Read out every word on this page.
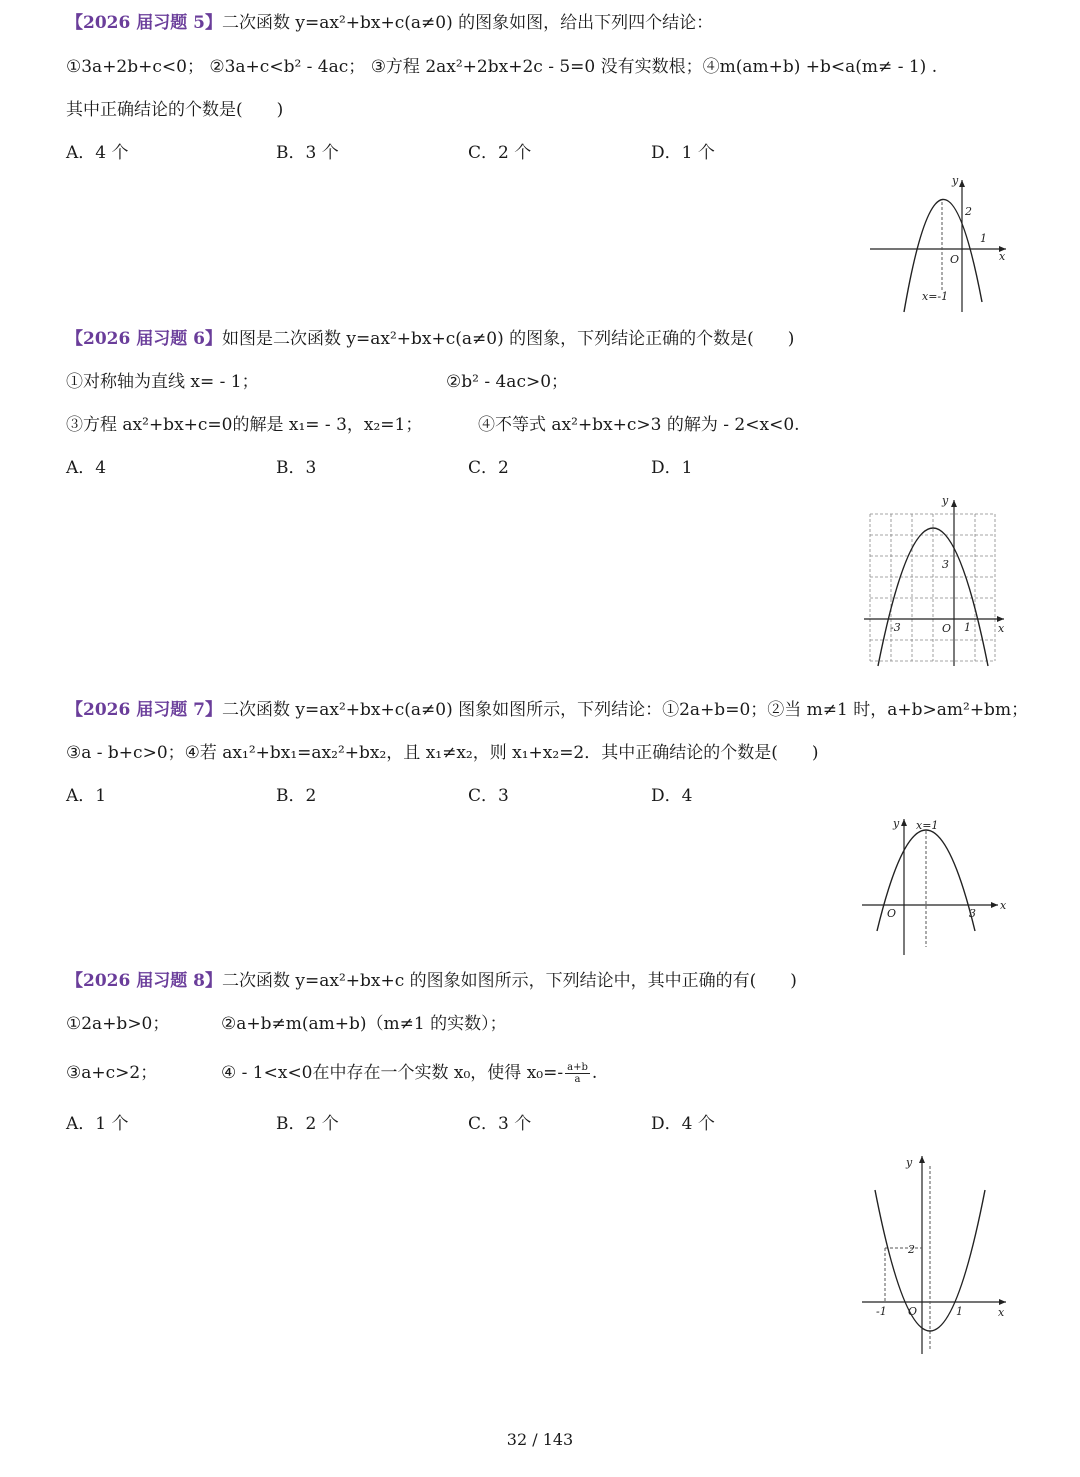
【2026 届习题 5】二次函数 y=ax²+bx+c(a≠0) 的图象如图，给出下列四个结论：
①3a+2b+c<0； ②3a+c<b² - 4ac； ③方程 2ax²+2bx+2c - 5=0 没有实数根；④m(am+b) +b<a(m≠ - 1) .
其中正确结论的个数是(　　)
A．4 个	B．3 个	C．2 个	D．1 个
y
x
O
2
1
x=-1
【2026 届习题 6】如图是二次函数 y=ax²+bx+c(a≠0) 的图象，下列结论正确的个数是(　　)
①对称轴为直线 x= - 1；	②b² - 4ac>0；
③方程 ax²+bx+c=0的解是 x₁= - 3，x₂=1；	④不等式 ax²+bx+c>3 的解为 - 2<x<0.
A．4	B．3	C．2	D．1
y
x
O
3
-3	1
【2026 届习题 7】二次函数 y=ax²+bx+c(a≠0) 图象如图所示，下列结论：①2a+b=0；②当 m≠1 时，a+b>am²+bm；
③a - b+c>0；④若 ax₁²+bx₁=ax₂²+bx₂，且 x₁≠x₂，则 x₁+x₂=2．其中正确结论的个数是(　　)
A．1	B．2	C．3	D．4
y
x
O
x=1
3
【2026 届习题 8】二次函数 y=ax²+bx+c 的图象如图所示，下列结论中，其中正确的有(　　)
①2a+b>0；	②a+b≠m(am+b)（m≠1 的实数）；
③a+c>2；	④ - 1<x<0在中存在一个实数 x₀，使得 $x_0=- \frac{a+b}{a}$ .
A．1 个	B．2 个	C．3 个	D．4 个
y
x
O
2
-1	1
32 / 143
